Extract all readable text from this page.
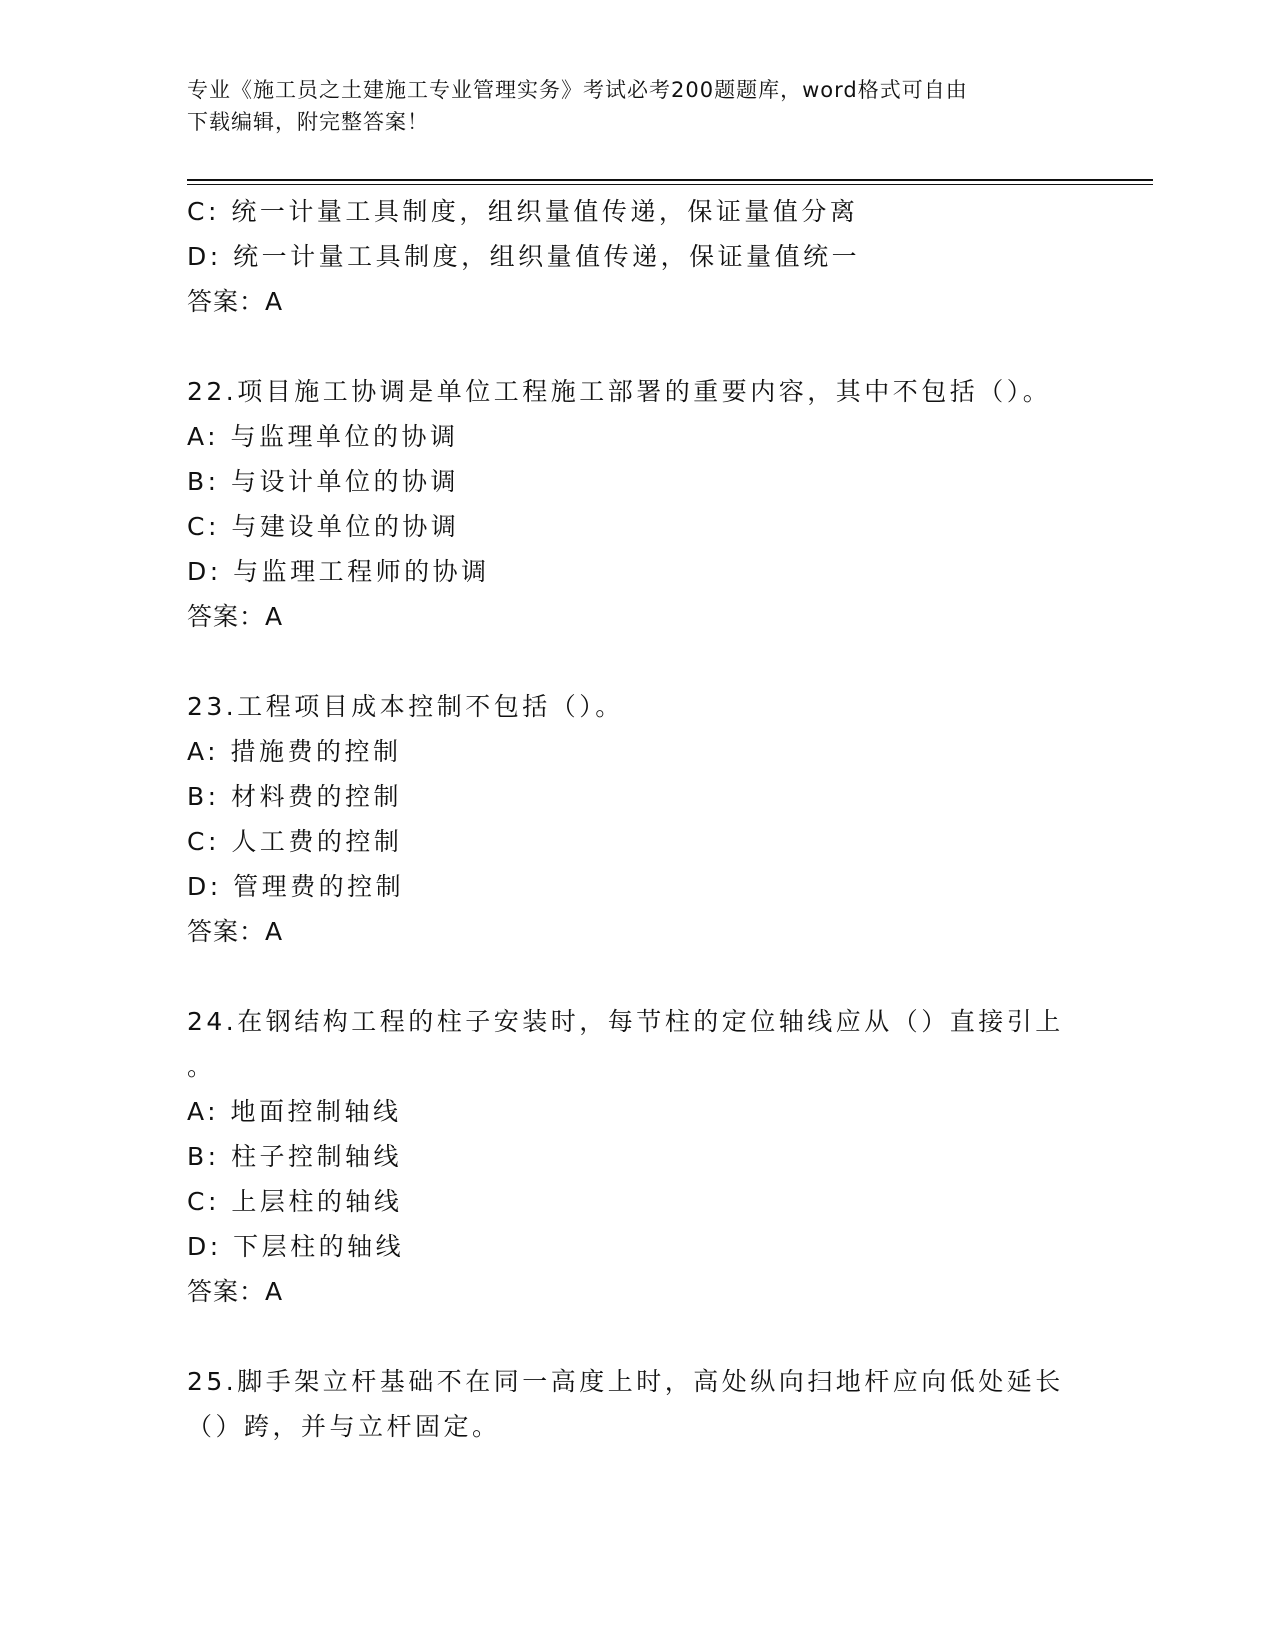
专业《施工员之土建施工专业管理实务》考试必考200题题库，word格式可自由
下载编辑，附完整答案！
C: 统一计量工具制度，组织量值传递，保证量值分离
D: 统一计量工具制度，组织量值传递，保证量值统一
答案：A
22.项目施工协调是单位工程施工部署的重要内容，其中不包括（）。
A: 与监理单位的协调
B: 与设计单位的协调
C: 与建设单位的协调
D: 与监理工程师的协调
答案：A
23.工程项目成本控制不包括（）。
A: 措施费的控制
B: 材料费的控制
C: 人工费的控制
D: 管理费的控制
答案：A
24.在钢结构工程的柱子安装时，每节柱的定位轴线应从（）直接引上
。
A: 地面控制轴线
B: 柱子控制轴线
C: 上层柱的轴线
D: 下层柱的轴线
答案：A
25.脚手架立杆基础不在同一高度上时，高处纵向扫地杆应向低处延长
（）跨，并与立杆固定。
